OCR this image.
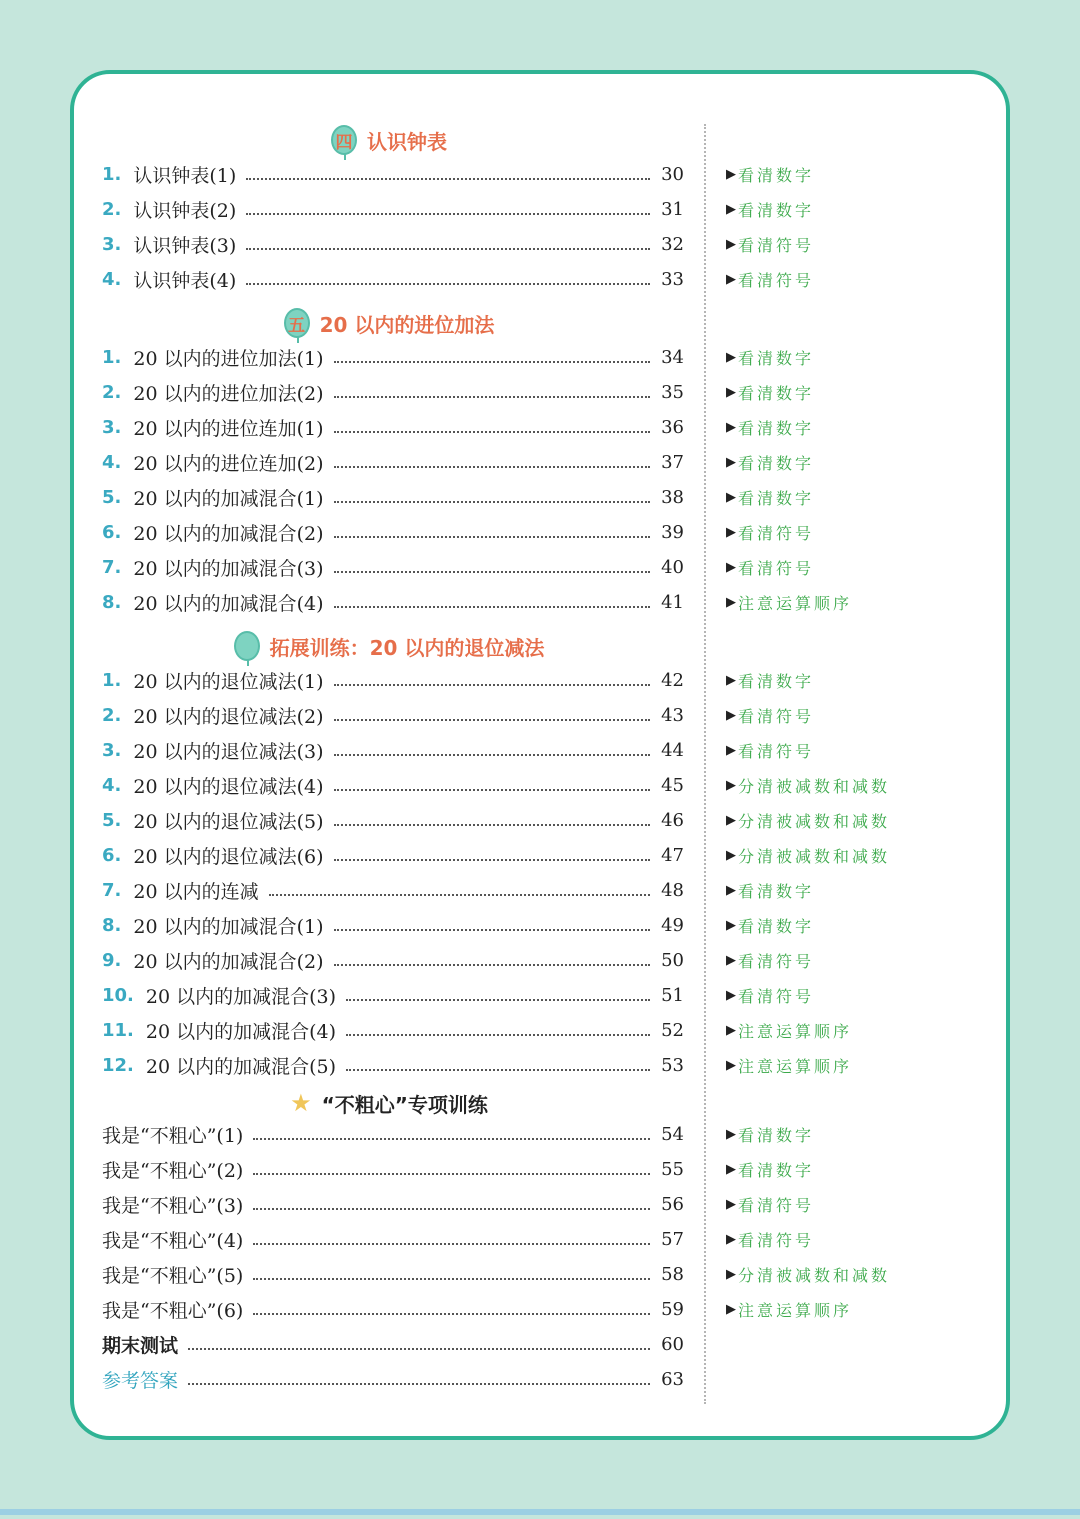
四 认识钟表
五 20 以内的进位加法
拓展训练：20 以内的退位减法
★ “不粗心”专项训练
1. 认识钟表(1)	30	▶ 看清数字
2. 认识钟表(2)	31	▶ 看清数字
3. 认识钟表(3)	32	▶ 看清符号
4. 认识钟表(4)	33	▶ 看清符号
1. 20 以内的进位加法(1)	34	▶ 看清数字
2. 20 以内的进位加法(2)	35	▶ 看清数字
3. 20 以内的进位连加(1)	36	▶ 看清数字
4. 20 以内的进位连加(2)	37	▶ 看清数字
5. 20 以内的加减混合(1)	38	▶ 看清数字
6. 20 以内的加减混合(2)	39	▶ 看清符号
7. 20 以内的加减混合(3)	40	▶ 看清符号
8. 20 以内的加减混合(4)	41	▶ 注意运算顺序
1. 20 以内的退位减法(1)	42	▶ 看清数字
2. 20 以内的退位减法(2)	43	▶ 看清符号
3. 20 以内的退位减法(3)	44	▶ 看清符号
4. 20 以内的退位减法(4)	45	▶ 分清被减数和减数
5. 20 以内的退位减法(5)	46	▶ 分清被减数和减数
6. 20 以内的退位减法(6)	47	▶ 分清被减数和减数
7. 20 以内的连减	48	▶ 看清数字
8. 20 以内的加减混合(1)	49	▶ 看清数字
9. 20 以内的加减混合(2)	50	▶ 看清符号
10. 20 以内的加减混合(3)	51	▶ 看清符号
11. 20 以内的加减混合(4)	52	▶ 注意运算顺序
12. 20 以内的加减混合(5)	53	▶ 注意运算顺序
我是“不粗心”(1)	54	▶ 看清数字
我是“不粗心”(2)	55	▶ 看清数字
我是“不粗心”(3)	56	▶ 看清符号
我是“不粗心”(4)	57	▶ 看清符号
我是“不粗心”(5)	58	▶ 分清被减数和减数
我是“不粗心”(6)	59	▶ 注意运算顺序
期末测试	60
参考答案	63
